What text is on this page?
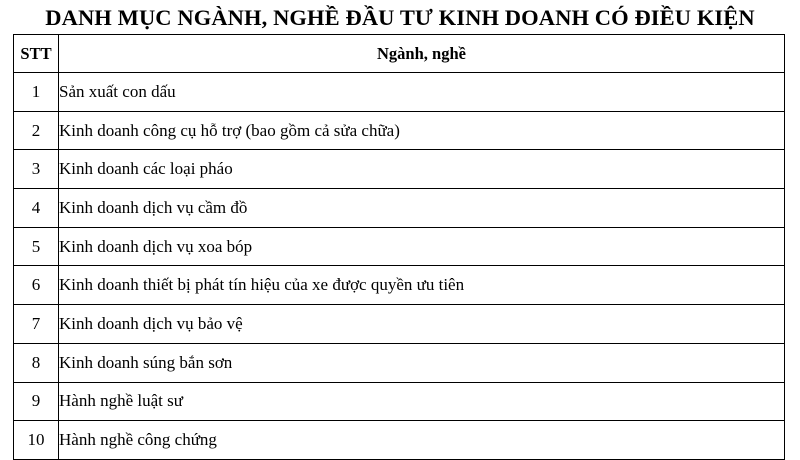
DANH MỤC NGÀNH, NGHỀ ĐẦU TƯ KINH DOANH CÓ ĐIỀU KIỆN
STT	Ngành, nghề
1	Sản xuất con dấu
2	Kinh doanh công cụ hỗ trợ (bao gồm cả sửa chữa)
3	Kinh doanh các loại pháo
4	Kinh doanh dịch vụ cầm đồ
5	Kinh doanh dịch vụ xoa bóp
6	Kinh doanh thiết bị phát tín hiệu của xe được quyền ưu tiên
7	Kinh doanh dịch vụ bảo vệ
8	Kinh doanh súng bắn sơn
9	Hành nghề luật sư
10	Hành nghề công chứng
